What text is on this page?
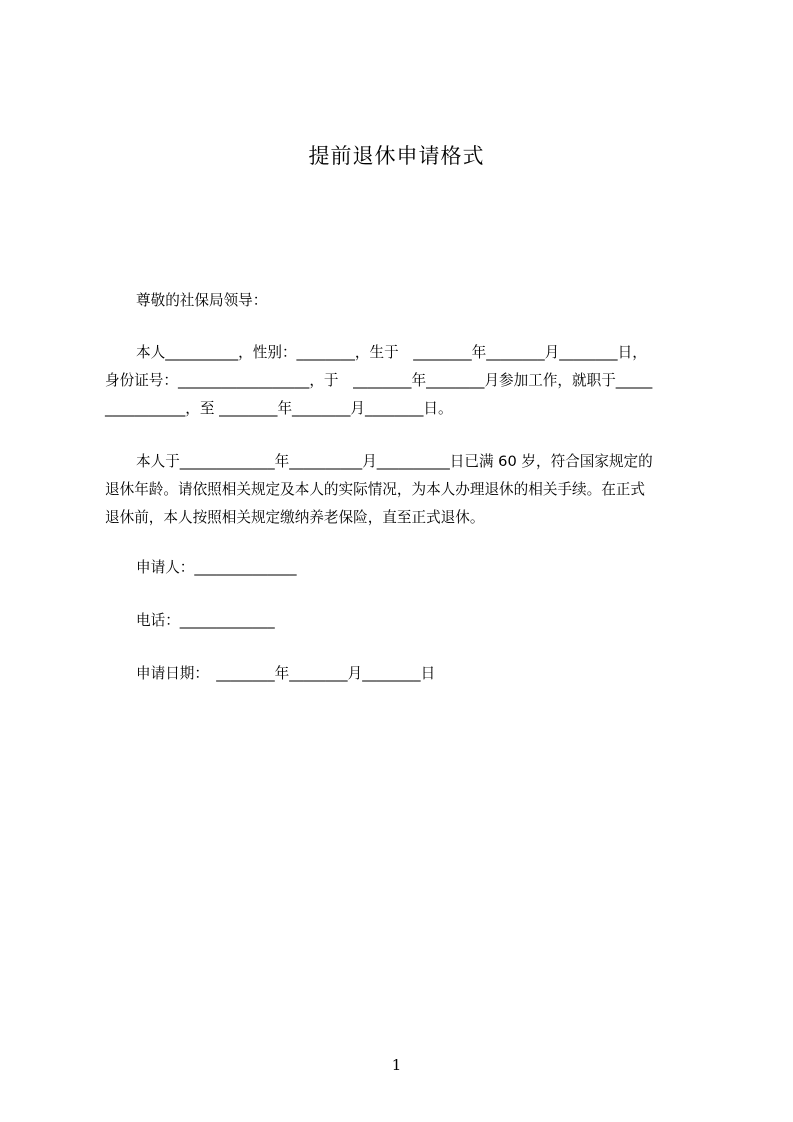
提前退休申请格式
尊敬的社保局领导：
本人__________，性别：________，生于　________年________月________日，
身份证号：__________________，于　________年________月参加工作，就职于_____
___________，至 ________年________月________日。
本人于_____________年__________月__________日已满 60 岁，符合国家规定的
退休年龄。请依照相关规定及本人的实际情况，为本人办理退休的相关手续。在正式
退休前，本人按照相关规定缴纳养老保险，直至正式退休。
申请人：______________
电话：_____________
申请日期：　________年________月________日
1
